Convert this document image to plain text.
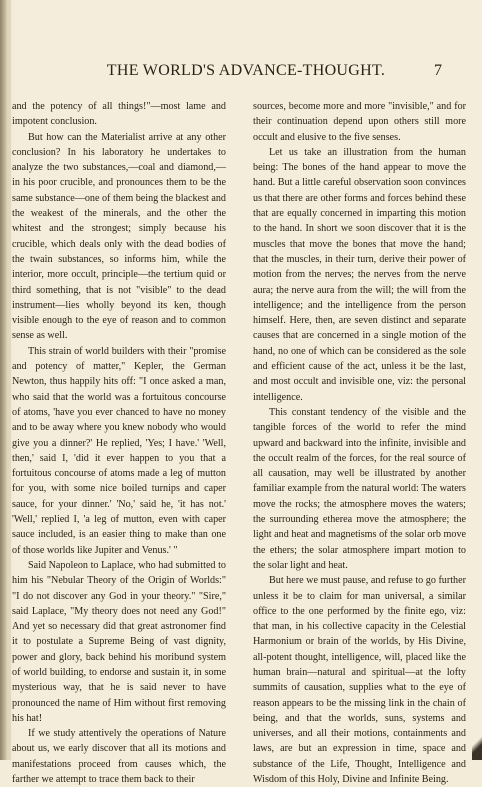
THE WORLD'S ADVANCE-THOUGHT.	7

and the potency of all things!"—most lame and impotent conclusion.

But how can the Materialist arrive at any other conclusion? In his laboratory he undertakes to analyze the two substances,—coal and diamond,—in his poor crucible, and pronounces them to be the same substance—one of them being the blackest and the weakest of the minerals, and the other the whitest and the strongest; simply because his crucible, which deals only with the dead bodies of the twain substances, so informs him, while the interior, more occult, principle—the tertium quid or third something, that is not "visible" to the dead instrument—lies wholly beyond its ken, though visible enough to the eye of reason and to common sense as well.

This strain of world builders with their "promise and potency of matter," Kepler, the German Newton, thus happily hits off: "I once asked a man, who said that the world was a fortuitous concourse of atoms, 'have you ever chanced to have no money and to be away where you knew nobody who would give you a dinner?' He replied, 'Yes; I have.' 'Well, then,' said I, 'did it ever happen to you that a fortuitous concourse of atoms made a leg of mutton for you, with some nice boiled turnips and caper sauce, for your dinner.' 'No,' said he, 'it has not.' 'Well,' replied I, 'a leg of mutton, even with caper sauce included, is an easier thing to make than one of those worlds like Jupiter and Venus.' "

Said Napoleon to Laplace, who had submitted to him his "Nebular Theory of the Origin of Worlds:" "I do not discover any God in your theory." "Sire," said Laplace, "My theory does not need any God!" And yet so necessary did that great astronomer find it to postulate a Supreme Being of vast dignity, power and glory, back behind his moribund system of world building, to endorse and sustain it, in some mysterious way, that he is said never to have pronounced the name of Him without first removing his hat!

If we study attentively the operations of Nature about us, we early discover that all its motions and manifestations proceed from causes which, the farther we attempt to trace them back to their

sources, become more and more "invisible," and for their continuation depend upon others still more occult and elusive to the five senses.

Let us take an illustration from the human being: The bones of the hand appear to move the hand. But a little careful observation soon convinces us that there are other forms and forces behind these that are equally concerned in imparting this motion to the hand. In short we soon discover that it is the muscles that move the bones that move the hand; that the muscles, in their turn, derive their power of motion from the nerves; the nerves from the nerve aura; the nerve aura from the will; the will from the intelligence; and the intelligence from the person himself. Here, then, are seven distinct and separate causes that are concerned in a single motion of the hand, no one of which can be considered as the sole and efficient cause of the act, unless it be the last, and most occult and invisible one, viz: the personal intelligence.

This constant tendency of the visible and the tangible forces of the world to refer the mind upward and backward into the infinite, invisible and the occult realm of the forces, for the real source of all causation, may well be illustrated by another familiar example from the natural world: The waters move the rocks; the atmosphere moves the waters; the surrounding etherea move the atmosphere; the light and heat and magnetisms of the solar orb move the ethers; the solar atmosphere impart motion to the solar light and heat.

But here we must pause, and refuse to go further unless it be to claim for man universal, a similar office to the one performed by the finite ego, viz: that man, in his collective capacity in the Celestial Harmonium or brain of the worlds, by His Divine, all-potent thought, intelligence, will, placed like the human brain—natural and spiritual—at the lofty summits of causation, supplies what to the eye of reason appears to be the missing link in the chain of being, and that the worlds, suns, systems and universes, and all their motions, containments and laws, are but an expression in time, space and substance of the Life, Thought, Intelligence and Wisdom of this Holy, Divine and Infinite Being.
